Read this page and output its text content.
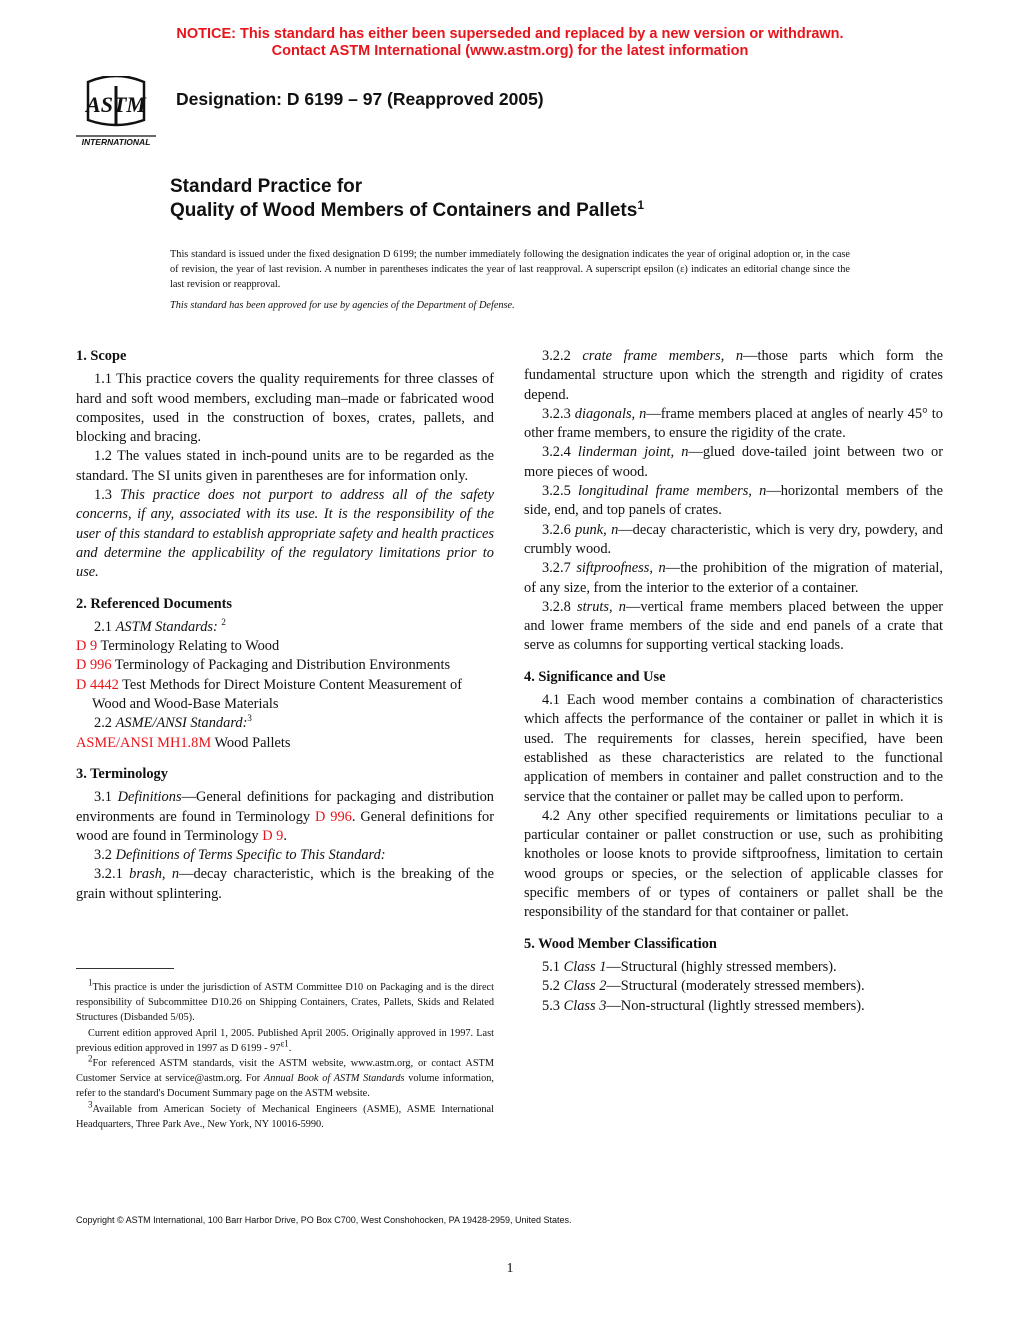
NOTICE: This standard has either been superseded and replaced by a new version or withdrawn.
Contact ASTM International (www.astm.org) for the latest information
ASTM
INTERNATIONAL
Designation: D 6199 – 97 (Reapproved 2005)
Standard Practice for
Quality of Wood Members of Containers and Pallets$^1$
This standard is issued under the fixed designation D 6199; the number immediately following the designation indicates the year of original adoption or, in the case of revision, the year of last revision. A number in parentheses indicates the year of last reapproval. A superscript epsilon (ε) indicates an editorial change since the last revision or reapproval.
This standard has been approved for use by agencies of the Department of Defense.
1. Scope

1.1 This practice covers the quality requirements for three classes of hard and soft wood members, excluding man–made or fabricated wood composites, used in the construction of boxes, crates, pallets, and blocking and bracing.

1.2 The values stated in inch-pound units are to be regarded as the standard. The SI units given in parentheses are for information only.

1.3 This practice does not purport to address all of the safety concerns, if any, associated with its use. It is the responsibility of the user of this standard to establish appropriate safety and health practices and determine the applicability of the regulatory limitations prior to use.

2. Referenced Documents

2.1 ASTM Standards: $^2$

D 9 Terminology Relating to Wood

D 996 Terminology of Packaging and Distribution Environments

D 4442 Test Methods for Direct Moisture Content Measurement of Wood and Wood-Base Materials

2.2 ASME/ANSI Standard:$^3$

ASME/ANSI MH1.8M Wood Pallets

3. Terminology

3.1 Definitions—General definitions for packaging and distribution environments are found in Terminology D 996. General definitions for wood are found in Terminology D 9.

3.2 Definitions of Terms Specific to This Standard:

3.2.1 brash, n—decay characteristic, which is the breaking of the grain without splintering.

$^1$This practice is under the jurisdiction of ASTM Committee D10 on Packaging and is the direct responsibility of Subcommittee D10.26 on Shipping Containers, Crates, Pallets, Skids and Related Structures (Disbanded 5/05).

Current edition approved April 1, 2005. Published April 2005. Originally approved in 1997. Last previous edition approved in 1997 as D $6199 - 97^{\varepsilon 1}$.

$^2$For referenced ASTM standards, visit the ASTM website, www.astm.org, or contact ASTM Customer Service at service@astm.org. For Annual Book of ASTM Standards volume information, refer to the standard's Document Summary page on the ASTM website.

$^3$Available from American Society of Mechanical Engineers (ASME), ASME International Headquarters, Three Park Ave., New York, NY 10016-5990.

3.2.2 crate frame members, n—those parts which form the fundamental structure upon which the strength and rigidity of crates depend.

3.2.3 diagonals, n—frame members placed at angles of nearly 45° to other frame members, to ensure the rigidity of the crate.

3.2.4 linderman joint, n—glued dove-tailed joint between two or more pieces of wood.

3.2.5 longitudinal frame members, n—horizontal members of the side, end, and top panels of crates.

3.2.6 punk, n—decay characteristic, which is very dry, powdery, and crumbly wood.

3.2.7 siftproofness, n—the prohibition of the migration of material, of any size, from the interior to the exterior of a container.

3.2.8 struts, n—vertical frame members placed between the upper and lower frame members of the side and end panels of a crate that serve as columns for supporting vertical stacking loads.

4. Significance and Use

4.1 Each wood member contains a combination of characteristics which affects the performance of the container or pallet in which it is used. The requirements for classes, herein specified, have been established as these characteristics are related to the functional application of members in container and pallet construction and to the service that the container or pallet may be called upon to perform.

4.2 Any other specified requirements or limitations peculiar to a particular container or pallet construction or use, such as prohibiting knotholes or loose knots to provide siftproofness, limitation to certain wood groups or species, or the selection of applicable classes for specific members of or types of containers or pallet shall be the responsibility of the standard for that container or pallet.

5. Wood Member Classification

5.1 Class 1—Structural (highly stressed members).

5.2 Class 2—Structural (moderately stressed members).

5.3 Class 3—Non-structural (lightly stressed members).

Copyright © ASTM International, 100 Barr Harbor Drive, PO Box C700, West Conshohocken, PA 19428-2959, United States.
1
